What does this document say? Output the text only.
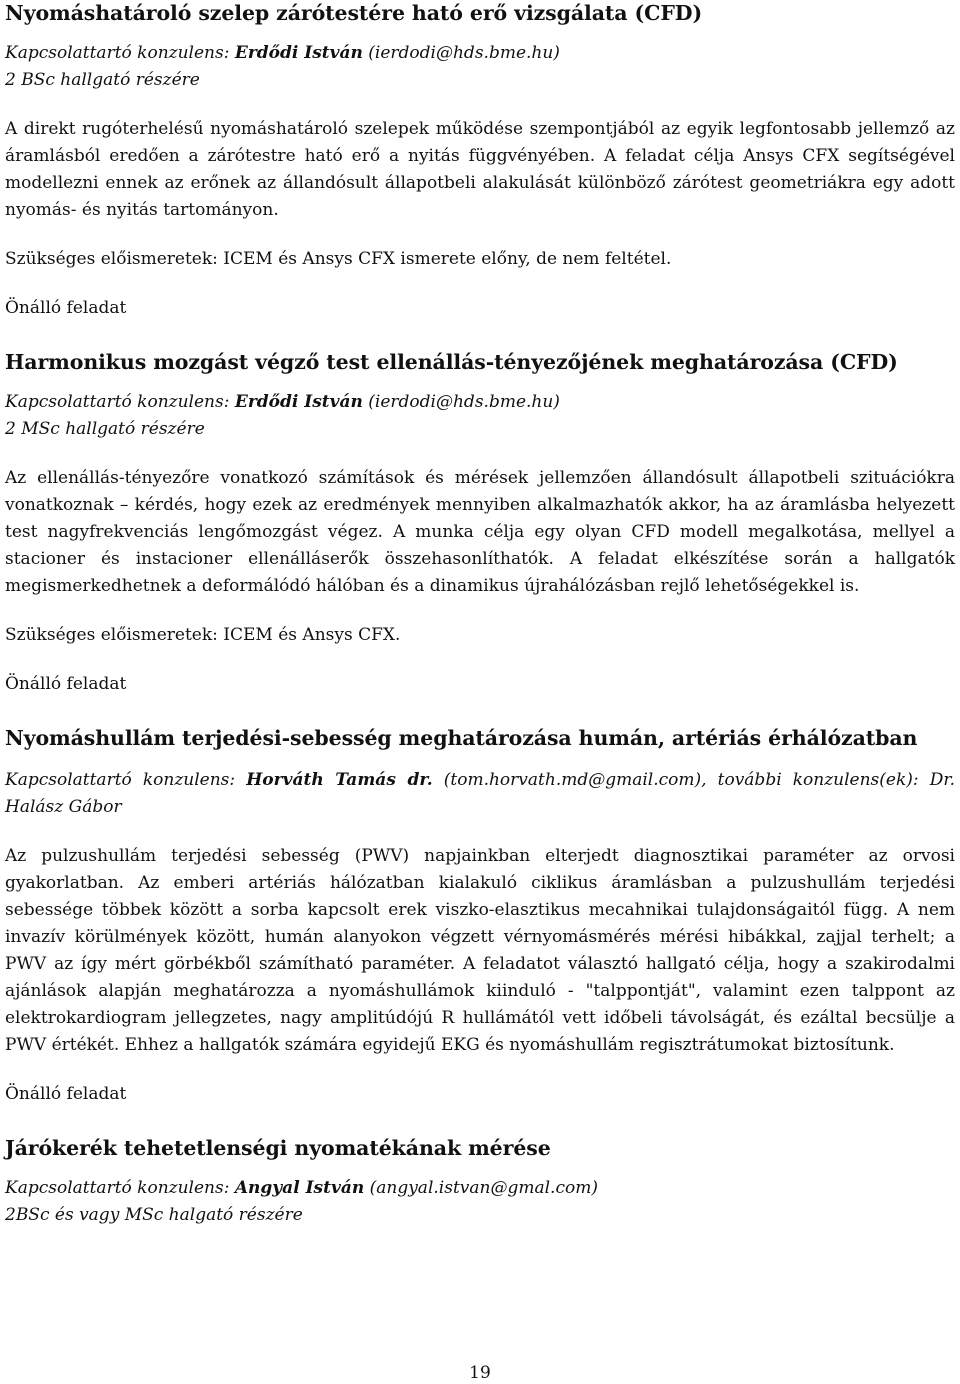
Nyomáshatároló szelep zárótestére ható erő vizsgálata (CFD)

Kapcsolattartó konzulens: Erdődi István (ierdodi@hds.bme.hu)

2 BSc hallgató részére

A direkt rugóterhelésű nyomáshatároló szelepek működése szempontjából az egyik legfontosabb jellemző az áramlásból eredően a zárótestre ható erő a nyitás függvényében. A feladat célja Ansys CFX segítségével modellezni ennek az erőnek az állandósult állapotbeli alakulását különböző zárótest geometriákra egy adott nyomás- és nyitás tartományon.

Szükséges előismeretek: ICEM és Ansys CFX ismerete előny, de nem feltétel.

Önálló feladat

Harmonikus mozgást végző test ellenállás-tényezőjének meghatározása (CFD)

Kapcsolattartó konzulens: Erdődi István (ierdodi@hds.bme.hu)

2 MSc hallgató részére

Az ellenállás-tényezőre vonatkozó számítások és mérések jellemzően állandósult állapotbeli szituációkra vonatkoznak – kérdés, hogy ezek az eredmények mennyiben alkalmazhatók akkor, ha az áramlásba helyezett test nagyfrekvenciás lengőmozgást végez. A munka célja egy olyan CFD modell megalkotása, mellyel a stacioner és instacioner ellenálláserők összehasonlíthatók. A feladat elkészítése során a hallgatók megismerkedhetnek a deformálódó hálóban és a dinamikus újrahálózásban rejlő lehetőségekkel is.

Szükséges előismeretek: ICEM és Ansys CFX.

Önálló feladat

Nyomáshullám terjedési-sebesség meghatározása humán, artériás érhálózatban

Kapcsolattartó konzulens: Horváth Tamás dr. (tom.horvath.md@gmail.com), további konzulens(ek): Dr. Halász Gábor

Az pulzushullám terjedési sebesség (PWV) napjainkban elterjedt diagnosztikai paraméter az orvosi gyakorlatban. Az emberi artériás hálózatban kialakuló ciklikus áramlásban a pulzushullám terjedési sebessége többek között a sorba kapcsolt erek viszko-elasztikus mecahnikai tulajdonságaitól függ. A nem invazív körülmények között, humán alanyokon végzett vérnyomásmérés mérési hibákkal, zajjal terhelt; a PWV az így mért görbékből számítható paraméter. A feladatot választó hallgató célja, hogy a szakirodalmi ajánlások alapján meghatározza a nyomáshullámok kiinduló - "talppontját", valamint ezen talppont az elektrokardiogram jellegzetes, nagy amplitúdójú R hullámától vett időbeli távolságát, és ezáltal becsülje a PWV értékét. Ehhez a hallgatók számára egyidejű EKG és nyomáshullám regisztrátumokat biztosítunk.

Önálló feladat

Járókerék tehetetlenségi nyomatékának mérése

Kapcsolattartó konzulens: Angyal István (angyal.istvan@gmal.com)

2BSc és vagy MSc halgató részére

19
